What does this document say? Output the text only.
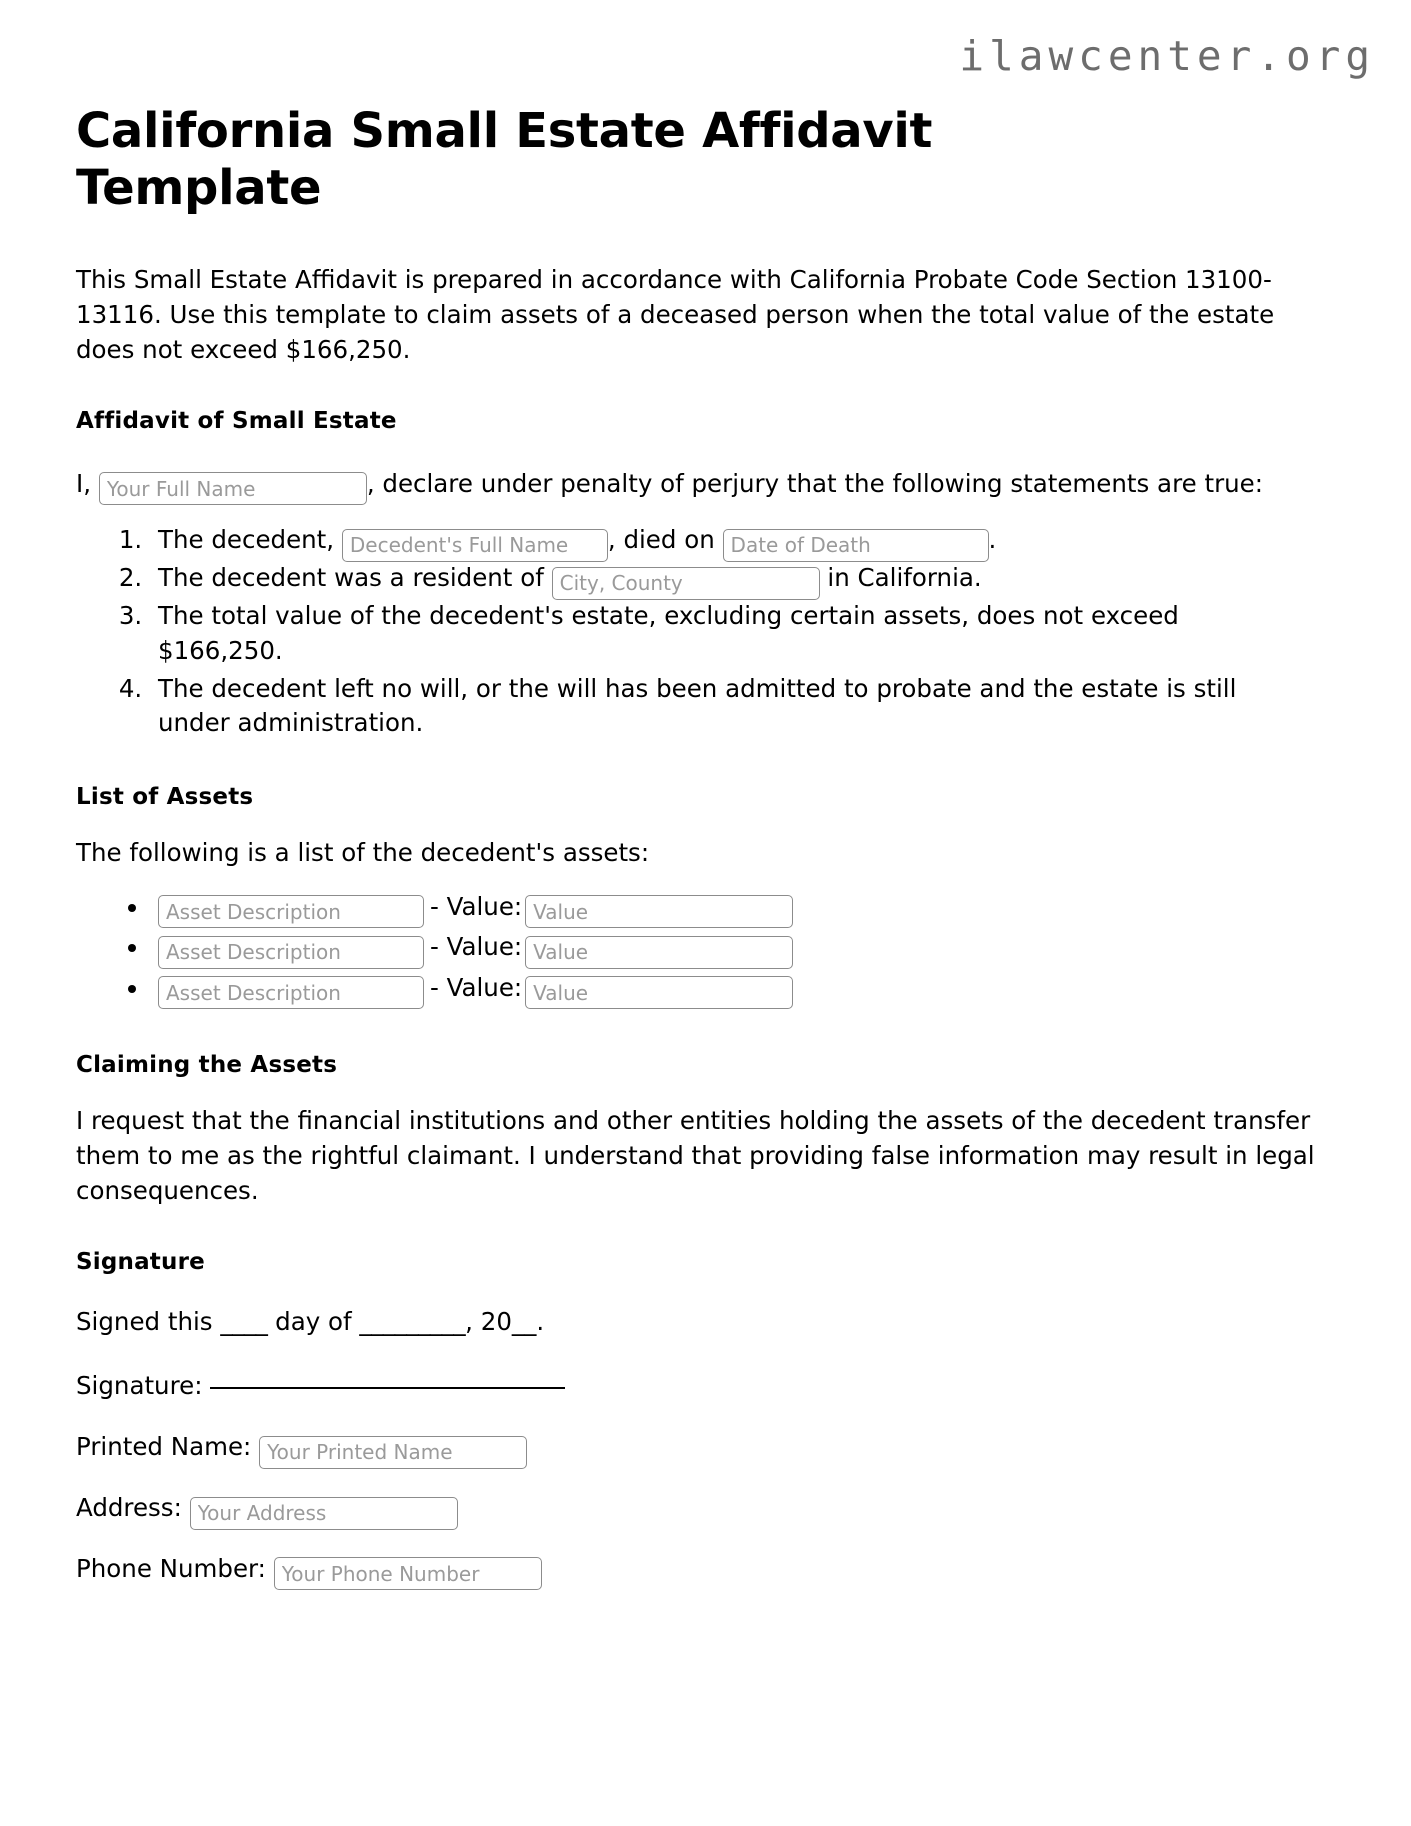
ilawcenter.org
California Small Estate Affidavit Template

This Small Estate Affidavit is prepared in accordance with California Probate Code Section 13100-13116. Use this template to claim assets of a deceased person when the total value of the estate does not exceed $166,250.

Affidavit of Small Estate

I, Your Full Name	, declare under penalty of perjury that the following statements are true:

1. The decedent, Decedent's Full Name	, died on Date of Death	.
2. The decedent was a resident of City, County	in California.
3. The total value of the decedent's estate, excluding certain assets, does not exceed $166,250.
4. The decedent left no will, or the will has been admitted to probate and the estate is still under administration.
List of Assets

The following is a list of the decedent's assets:

Asset Description • - Value:Value
Asset Description • - Value:Value
Asset Description • - Value:Value
Claiming the Assets

I request that the financial institutions and other entities holding the assets of the decedent transfer them to me as the rightful claimant. I understand that providing false information may result in legal consequences.

Signature

Signed this ____ day of _________, 20__.

Signature:

Printed Name: Your Printed Name

Address: Your Address

Phone Number: Your Phone Number
